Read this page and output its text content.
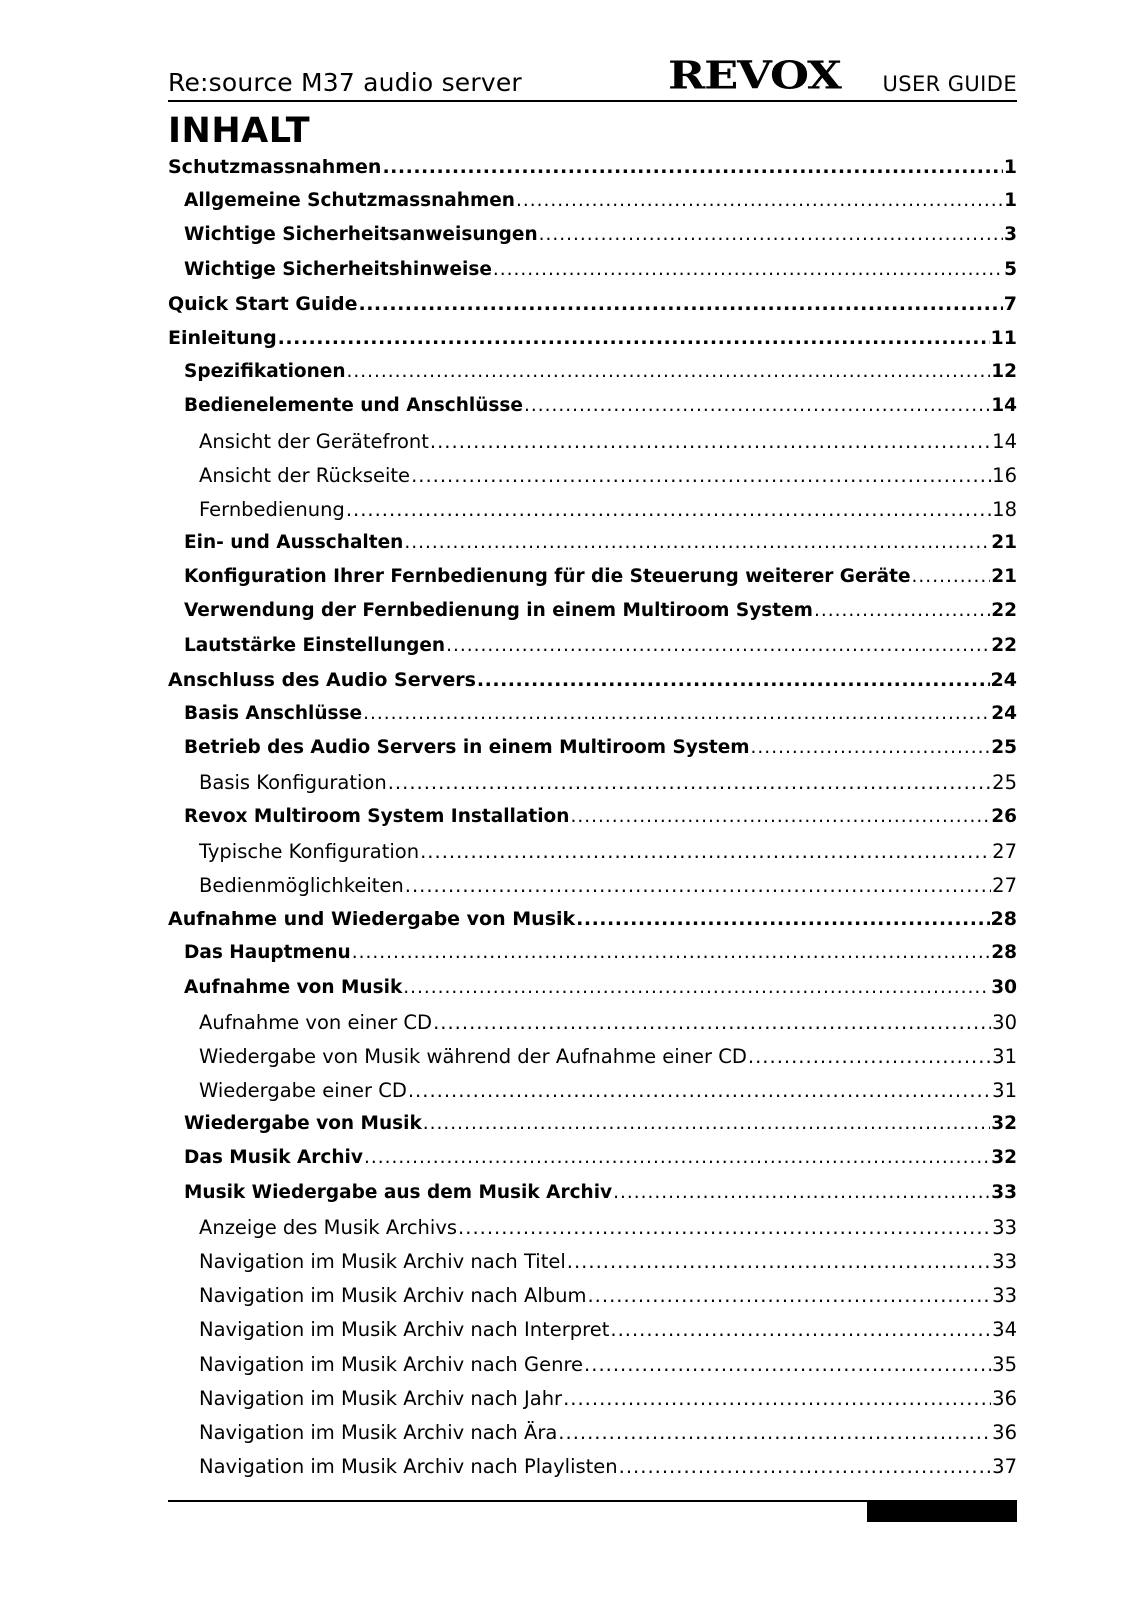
Re:source M37 audio server	REVOX	USER GUIDE
INHALT
Schutzmassnahmen .....	1
Allgemeine Schutzmassnahmen .....	1
Wichtige Sicherheitsanweisungen .....	3
Wichtige Sicherheitshinweise .....	5
Quick Start Guide .....	7
Einleitung .....	11
Spezifikationen .....	12
Bedienelemente und Anschlüsse .....	14
Ansicht der Gerätefront .....	14
Ansicht der Rückseite .....	16
Fernbedienung .....	18
Ein- und Ausschalten .....	21
Konfiguration Ihrer Fernbedienung für die Steuerung weiterer Geräte .....	21
Verwendung der Fernbedienung in einem Multiroom System .....	22
Lautstärke Einstellungen .....	22
Anschluss des Audio Servers .....	24
Basis Anschlüsse .....	24
Betrieb des Audio Servers in einem Multiroom System .....	25
Basis Konfiguration .....	25
Revox Multiroom System Installation .....	26
Typische Konfiguration .....	27
Bedienmöglichkeiten .....	27
Aufnahme und Wiedergabe von Musik .....	28
Das Hauptmenu .....	28
Aufnahme von Musik .....	30
Aufnahme von einer CD .....	30
Wiedergabe von Musik während der Aufnahme einer CD .....	31
Wiedergabe einer CD .....	31
Wiedergabe von Musik .....	32
Das Musik Archiv .....	32
Musik Wiedergabe aus dem Musik Archiv .....	33
Anzeige des Musik Archivs .....	33
Navigation im Musik Archiv nach Titel .....	33
Navigation im Musik Archiv nach Album .....	33
Navigation im Musik Archiv nach Interpret .....	34
Navigation im Musik Archiv nach Genre .....	35
Navigation im Musik Archiv nach Jahr .....	36
Navigation im Musik Archiv nach Ära .....	36
Navigation im Musik Archiv nach Playlisten .....	37
